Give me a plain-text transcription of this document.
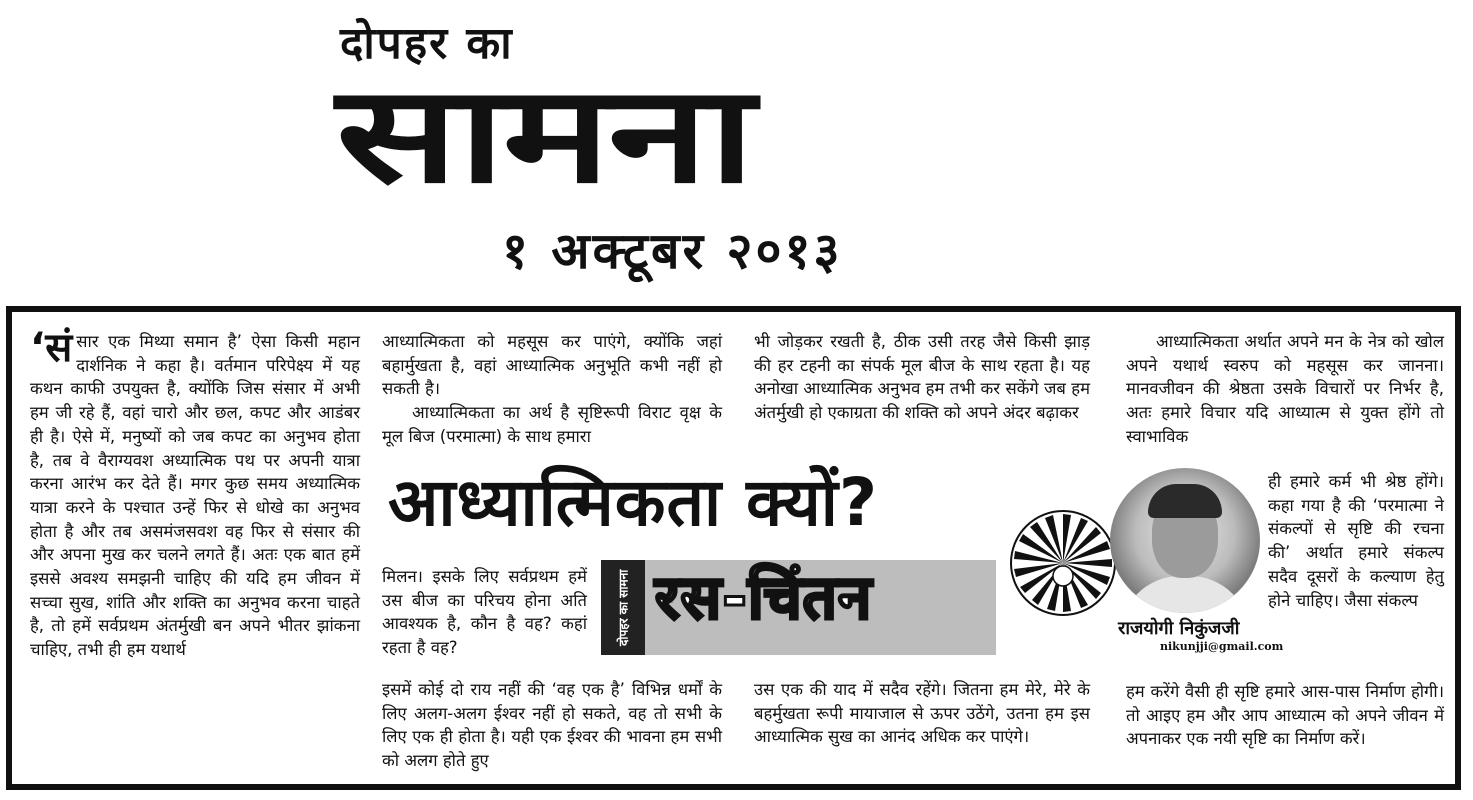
दोपहर का
सामना
१ अक्टूबर २०१३
‘सं सार एक मिथ्या समान है’ ऐसा किसी महान दार्शनिक ने कहा है। वर्तमान परिपेक्ष्य में यह कथन काफी उपयुक्त है, क्योंकि जिस संसार में अभी हम जी रहे हैं, वहां चारो और छल, कपट और आडंबर ही है। ऐसे में, मनुष्यों को जब कपट का अनुभव होता है, तब वे वैराग्यवश अध्यात्मिक पथ पर अपनी यात्रा करना आरंभ कर देते हैं। मगर कुछ समय अध्यात्मिक यात्रा करने के पश्चात उन्हें फिर से धोखे का अनुभव होता है और तब असमंजसवश वह फिर से संसार की और अपना मुख कर चलने लगते हैं। अतः एक बात हमें इससे अवश्य समझनी चाहिए की यदि हम जीवन में सच्चा सुख, शांति और शक्ति का अनुभव करना चाहते है, तो हमें सर्वप्रथम अंतर्मुखी बन अपने भीतर झांकना चाहिए, तभी ही हम यथार्थ

आध्यात्मिकता को महसूस कर पाएंगे, क्योंकि जहां बहार्मुखता है, वहां आध्यात्मिक अनुभूति कभी नहीं हो सकती है।

आध्यात्मिकता का अर्थ है सृष्टिरूपी विराट वृक्ष के मूल बिज (परमात्मा) के साथ हमारा

भी जोड़कर रखती है, ठीक उसी तरह जैसे किसी झाड़ की हर टहनी का संपर्क मूल बीज के साथ रहता है। यह अनोखा आध्यात्मिक अनुभव हम तभी कर सकेंगे जब हम अंतर्मुखी हो एकाग्रता की शक्ति को अपने अंदर बढ़ाकर

आध्यात्मिकता अर्थात अपने मन के नेत्र को खोल अपने यथार्थ स्वरुप को महसूस कर जानना। मानवजीवन की श्रेष्ठता उसके विचारों पर निर्भर है, अतः हमारे विचार यदि आध्यात्म से युक्त होंगे तो स्वाभाविक

आध्यात्मिकता क्यों?
दोपहर का सामना रस-चिंतन	राजयोगी निकुंजजी
nikunjji@gmail.com

ही हमारे कर्म भी श्रेष्ठ होंगे। कहा गया है की ‘परमात्मा ने संकल्पों से सृष्टि की रचना की’ अर्थात हमारे संकल्प सदैव दूसरों के कल्याण हेतु होने चाहिए। जैसा संकल्प

मिलन। इसके लिए सर्वप्रथम हमें उस बीज का परिचय होना अति आवश्यक है, कौन है वह? कहां रहता है वह?

इसमें कोई दो राय नहीं की ‘वह एक है’ विभिन्न धर्मों के लिए अलग-अलग ईश्वर नहीं हो सकते, वह तो सभी के लिए एक ही होता है। यही एक ईश्वर की भावना हम सभी को अलग होते हुए

उस एक की याद में सदैव रहेंगे। जितना हम मेरे, मेरे के बहर्मुखता रूपी मायाजाल से ऊपर उठेंगे, उतना हम इस आध्यात्मिक सुख का आनंद अधिक कर पाएंगे।

हम करेंगे वैसी ही सृष्टि हमारे आस-पास निर्माण होगी। तो आइए हम और आप आध्यात्म को अपने जीवन में अपनाकर एक नयी सृष्टि का निर्माण करें।
